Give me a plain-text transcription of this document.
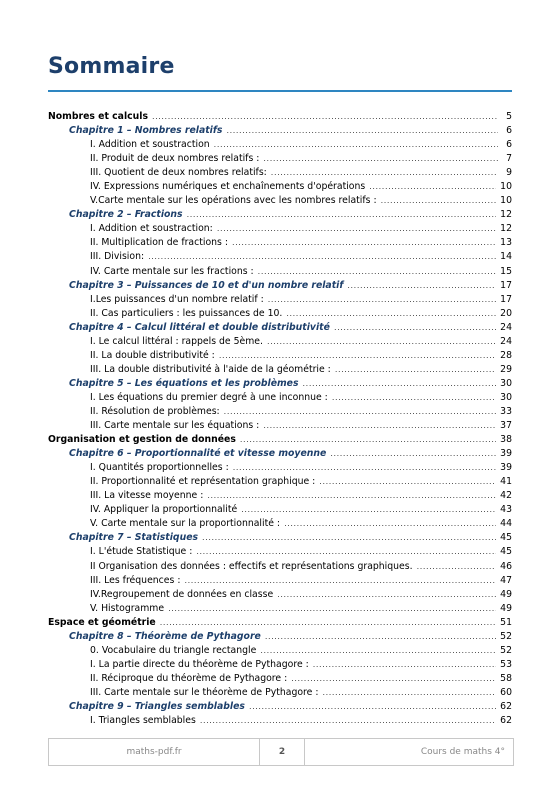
Sommaire
Nombres et calculs .....	5
Chapitre 1 – Nombres relatifs .....	6
I. Addition et soustraction .....	6
II. Produit de deux nombres relatifs : .....	7
III. Quotient de deux nombres relatifs: .....	9
IV. Expressions numériques et enchaînements d'opérations .....	10
V.Carte mentale sur les opérations avec les nombres relatifs : .....	10
Chapitre 2 – Fractions .....	12
I. Addition et soustraction: .....	12
II. Multiplication de fractions : .....	13
III. Division: .....	14
IV. Carte mentale sur les fractions : .....	15
Chapitre 3 – Puissances de 10 et d'un nombre relatif .....	17
I.Les puissances d'un nombre relatif : .....	17
II. Cas particuliers : les puissances de 10. .....	20
Chapitre 4 – Calcul littéral et double distributivité .....	24
I. Le calcul littéral : rappels de 5ème. .....	24
II. La double distributivité : .....	28
III. La double distributivité à l'aide de la géométrie : .....	29
Chapitre 5 – Les équations et les problèmes .....	30
I. Les équations du premier degré à une inconnue : .....	30
II. Résolution de problèmes: .....	33
III. Carte mentale sur les équations : .....	37
Organisation et gestion de données .....	38
Chapitre 6 – Proportionnalité et vitesse moyenne .....	39
I. Quantités proportionnelles : .....	39
II. Proportionnalité et représentation graphique : .....	41
III. La vitesse moyenne : .....	42
IV. Appliquer la proportionnalité .....	43
V. Carte mentale sur la proportionnalité : .....	44
Chapitre 7 – Statistiques .....	45
I. L'étude Statistique : .....	45
II Organisation des données : effectifs et représentations graphiques. .....	46
III. Les fréquences : .....	47
IV.Regroupement de données en classe .....	49
V. Histogramme .....	49
Espace et géométrie .....	51
Chapitre 8 – Théorème de Pythagore .....	52
0. Vocabulaire du triangle rectangle .....	52
I. La partie directe du théorème de Pythagore : .....	53
II. Réciproque du théorème de Pythagore : .....	58
III. Carte mentale sur le théorème de Pythagore : .....	60
Chapitre 9 – Triangles semblables .....	62
I. Triangles semblables .....	62
maths-pdf.fr	2	Cours de maths 4°
